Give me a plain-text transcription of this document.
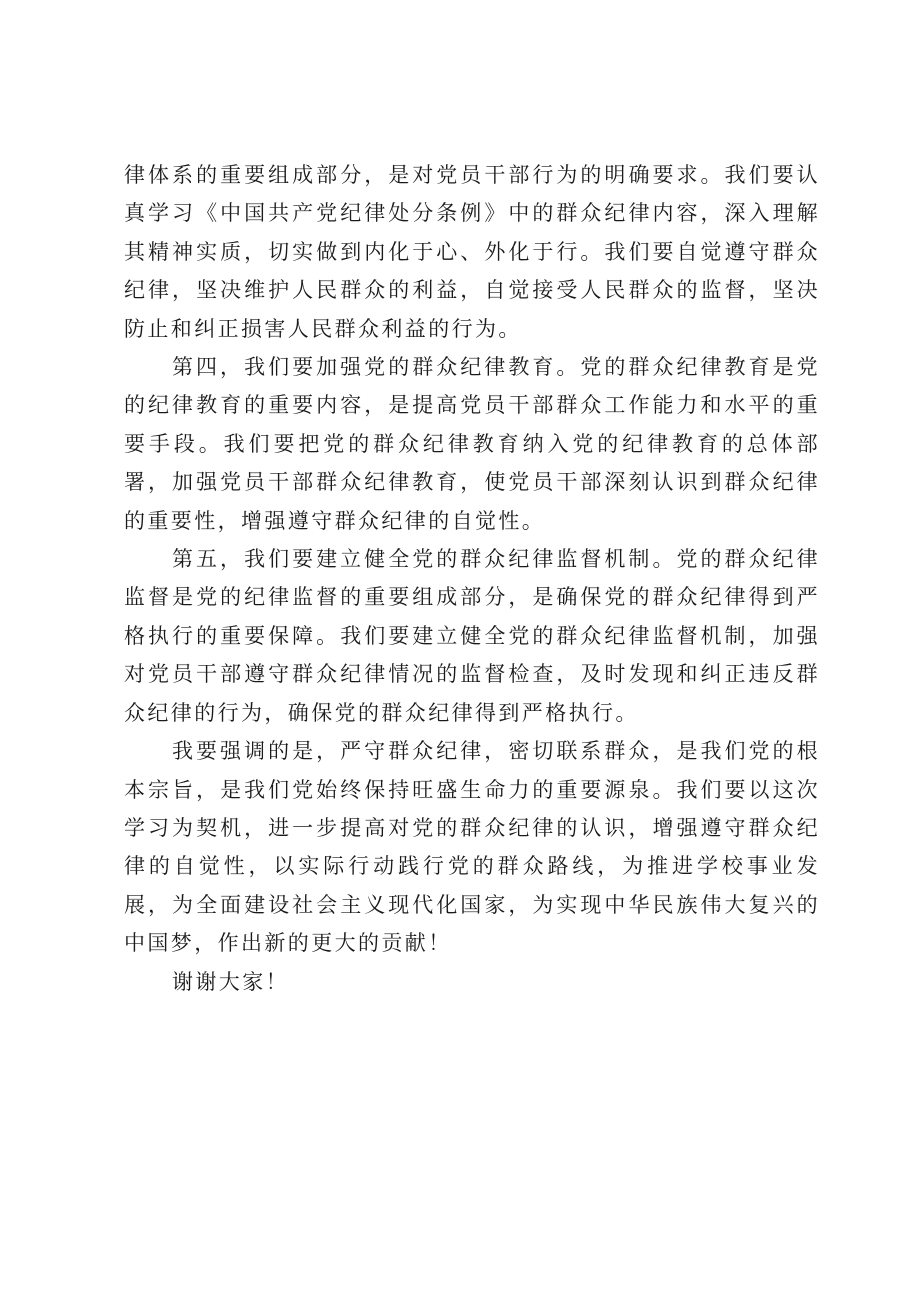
律体系的重要组成部分，是对党员干部行为的明确要求。我们要认真学习《中国共产党纪律处分条例》中的群众纪律内容，深入理解其精神实质，切实做到内化于心、外化于行。我们要自觉遵守群众纪律，坚决维护人民群众的利益，自觉接受人民群众的监督，坚决防止和纠正损害人民群众利益的行为。

第四，我们要加强党的群众纪律教育。党的群众纪律教育是党的纪律教育的重要内容，是提高党员干部群众工作能力和水平的重要手段。我们要把党的群众纪律教育纳入党的纪律教育的总体部署，加强党员干部群众纪律教育，使党员干部深刻认识到群众纪律的重要性，增强遵守群众纪律的自觉性。

第五，我们要建立健全党的群众纪律监督机制。党的群众纪律监督是党的纪律监督的重要组成部分，是确保党的群众纪律得到严格执行的重要保障。我们要建立健全党的群众纪律监督机制，加强对党员干部遵守群众纪律情况的监督检查，及时发现和纠正违反群众纪律的行为，确保党的群众纪律得到严格执行。

我要强调的是，严守群众纪律，密切联系群众，是我们党的根本宗旨，是我们党始终保持旺盛生命力的重要源泉。我们要以这次学习为契机，进一步提高对党的群众纪律的认识，增强遵守群众纪律的自觉性，以实际行动践行党的群众路线，为推进学校事业发展，为全面建设社会主义现代化国家，为实现中华民族伟大复兴的中国梦，作出新的更大的贡献！

谢谢大家！
